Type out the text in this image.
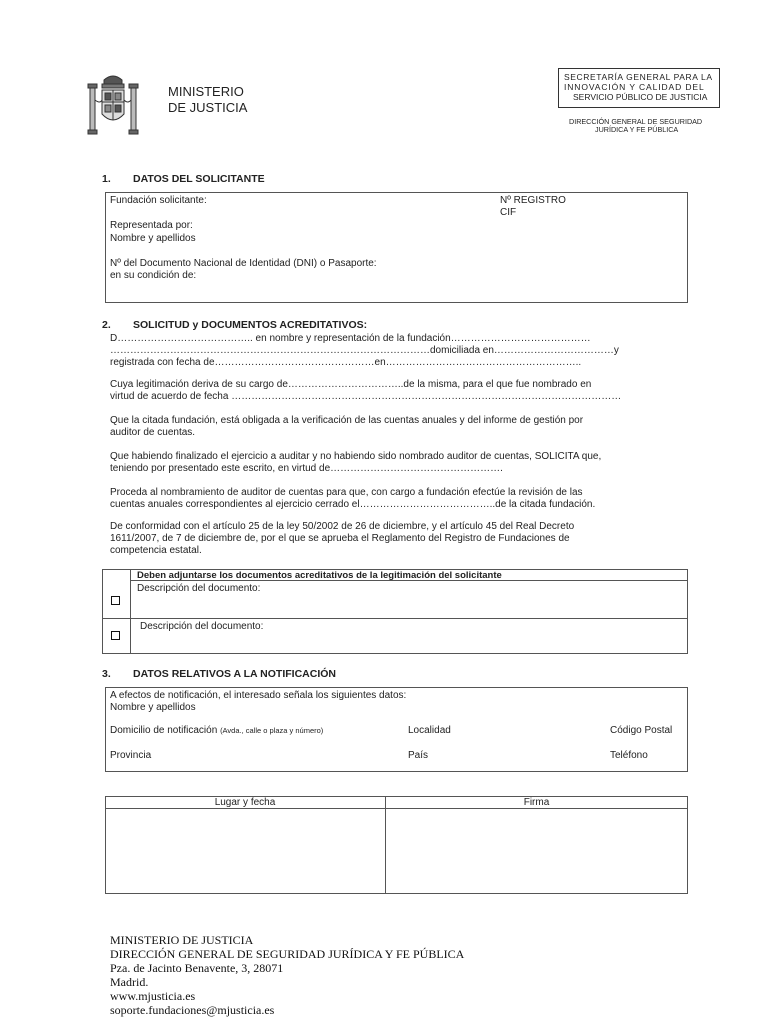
MINISTERIO
DE JUSTICIA
SECRETARÍA GENERAL PARA LA
INNOVACIÓN Y CALIDAD DEL
SERVICIO PÚBLICO DE JUSTICIA
DIRECCIÓN GENERAL DE SEGURIDAD
JURÍDICA Y FE PÚBLICA
1. DATOS DEL SOLICITANTE
Fundación solicitante:	Nº REGISTRO
CIF
Representada por:
Nombre y apellidos
Nº del Documento Nacional de Identidad (DNI) o Pasaporte:
en su condición de:
2. SOLICITUD y DOCUMENTOS ACREDITATIVOS:
D………………………………….. en nombre y representación de la fundación……………………………………
……………………………………………………………………………………domiciliada en………………………………y
registrada con fecha de…………………………………………en…………………………………………………..
Cuya legitimación deriva de su cargo de……………………………..de la misma, para el que fue nombrado en
virtud de acuerdo de fecha ………………………………………………………………………………………………………
Que la citada fundación, está obligada a la verificación de las cuentas anuales y del informe de gestión por
auditor de cuentas.
Que habiendo finalizado el ejercicio a auditar y no habiendo sido nombrado auditor de cuentas, SOLICITA que,
teniendo por presentado este escrito, en virtud de…………………………………………….
Proceda al nombramiento de auditor de cuentas para que, con cargo a fundación efectúe la revisión de las
cuentas anuales correspondientes al ejercicio cerrado el…………………………………..de la citada fundación.
De conformidad con el artículo 25 de la ley 50/2002 de 26 de diciembre, y el artículo 45 del Real Decreto
1611/2007, de 7 de diciembre de, por el que se aprueba el Reglamento del Registro de Fundaciones de
competencia estatal.
Deben adjuntarse los documentos acreditativos de la legitimación del solicitante
Descripción del documento:
Descripción del documento:
3. DATOS RELATIVOS A LA NOTIFICACIÓN
A efectos de notificación, el interesado señala los siguientes datos:
Nombre y apellidos
Domicilio de notificación (Avda., calle o plaza y número)	Localidad	Código Postal
Provincia	País	Teléfono
Lugar y fecha	Firma
MINISTERIO DE JUSTICIA
DIRECCIÓN GENERAL DE SEGURIDAD JURÍDICA Y FE PÚBLICA
Pza. de Jacinto Benavente, 3, 28071
Madrid.
www.mjusticia.es
soporte.fundaciones@mjusticia.es
